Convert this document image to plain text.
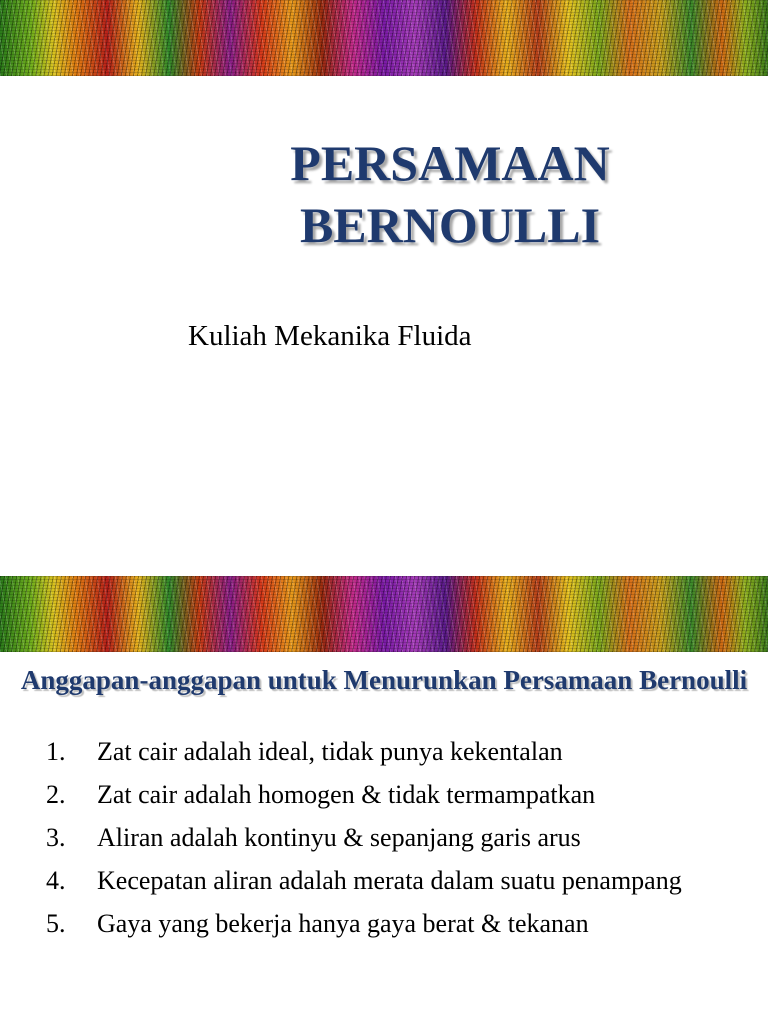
PERSAMAAN
BERNOULLI

Kuliah Mekanika Fluida

Anggapan-anggapan untuk Menurunkan Persamaan Bernoulli
1.	Zat cair adalah ideal, tidak punya kekentalan
2.	Zat cair adalah homogen & tidak termampatkan
3.	Aliran adalah kontinyu & sepanjang garis arus
4.	Kecepatan aliran adalah merata dalam suatu penampang
5.	Gaya yang bekerja hanya gaya berat & tekanan
